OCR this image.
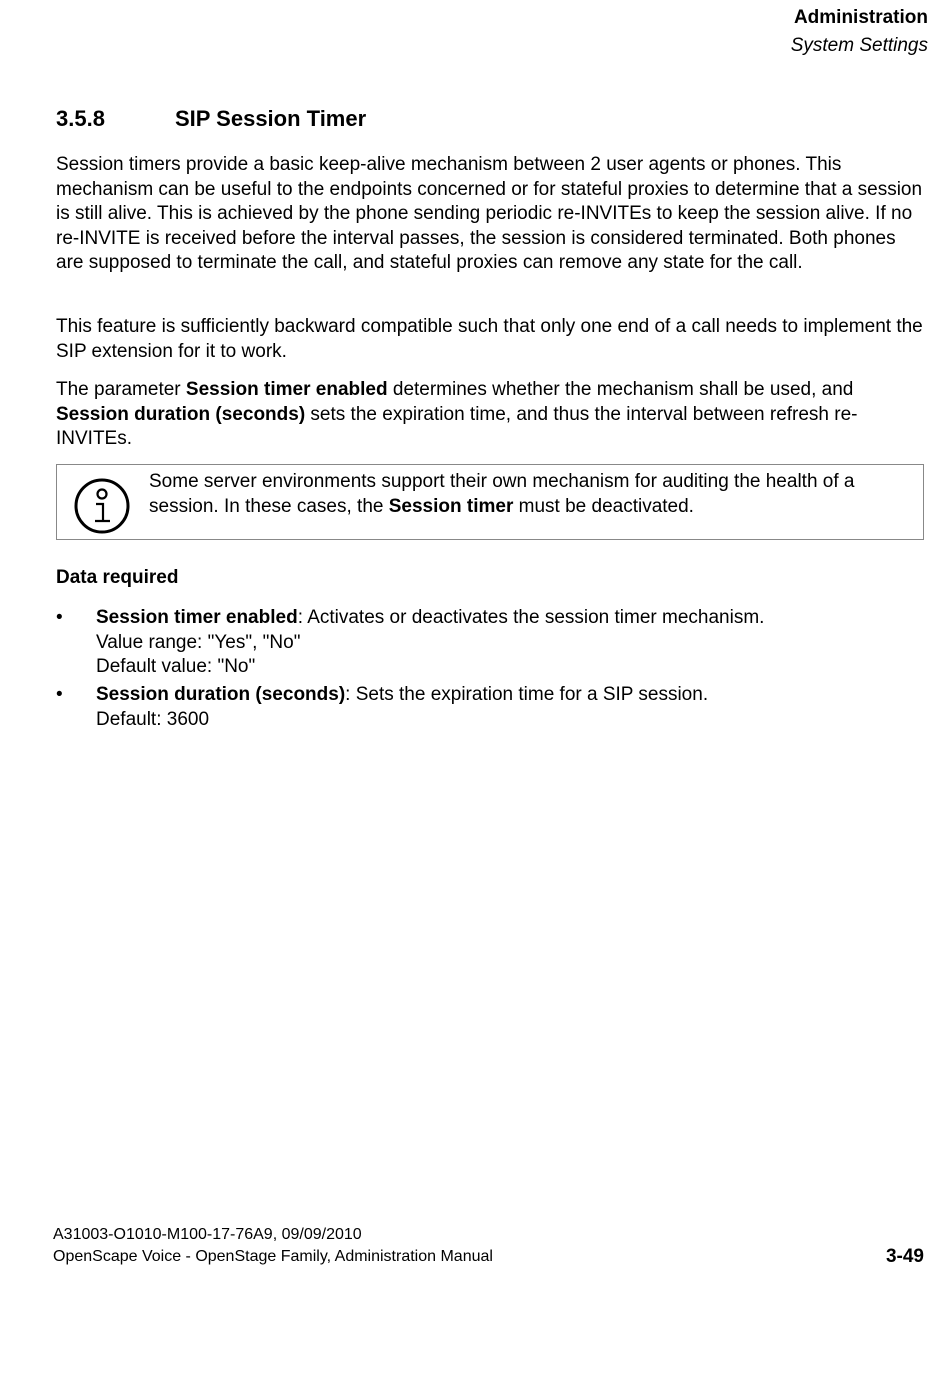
Administration
System Settings
3.5.8	SIP Session Timer

Session timers provide a basic keep-alive mechanism between 2 user agents or phones. This mechanism can be useful to the endpoints concerned or for stateful proxies to determine that a session is still alive. This is achieved by the phone sending periodic re-INVITEs to keep the session alive. If no re-INVITE is received before the interval passes, the session is considered terminated. Both phones are supposed to terminate the call, and stateful proxies can remove any state for the call.

This feature is sufficiently backward compatible such that only one end of a call needs to implement the SIP extension for it to work.

The parameter Session timer enabled determines whether the mechanism shall be used, and Session duration (seconds) sets the expiration time, and thus the interval between refresh re-INVITEs.

Some server environments support their own mechanism for auditing the health of a session. In these cases, the Session timer must be deactivated.
Data required
• Session timer enabled: Activates or deactivates the session timer mechanism.
Value range: "Yes", "No"
Default value: "No"
• Session duration (seconds): Sets the expiration time for a SIP session.
Default: 3600
A31003-O1010-M100-17-76A9, 09/09/2010
OpenScape Voice - OpenStage Family, Administration Manual	3-49
